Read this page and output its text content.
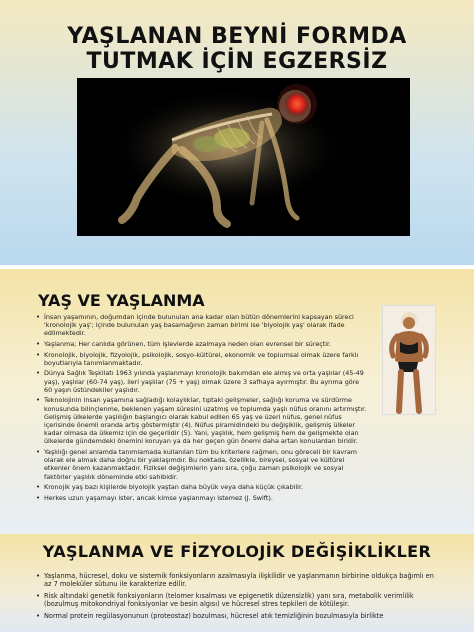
YAŞLANAN BEYNİ FORMDA
TUTMAK İÇİN EGZERSİZ
YAŞ VE YAŞLANMA
• İnsan yaşamının, doğumdan içinde bulunulan ana kadar olan bütün dönemlerini kapsayan süreci 'kronolojik yaş'; içinde bulunulan yaş basamağının zaman birimi ise 'biyolojik yaş' olarak ifade edilmektedir.
• Yaşlanma; Her canlıda görünen, tüm işlevlerde azalmaya neden olan evrensel bir süreçtir.
• Kronolojik, biyolojik, fizyolojik, psikolojik, sosyo-kültürel, ekonomik ve toplumsal olmak üzere farklı boyutlarıyla tanımlanmaktadır.
• Dünya Sağlık Teşkilatı 1963 yılında yaşlanmayı kronolojik bakımdan ele almış ve orta yaşlılar (45-49 yaş), yaşlılar (60-74 yaş), ileri yaşlılar (75 + yaş) olmak üzere 3 safhaya ayırmıştır. Bu ayrıma göre 60 yaşın üstündekiler yaşlıdır.
• Teknolojinin insan yaşamına sağladığı kolaylıklar, tıptaki gelişmeler, sağlığı koruma ve sürdürme konusunda bilinçlenme, beklenen yaşam süresini uzatmış ve toplumda yaşlı nüfus oranını artırmıştır. Gelişmiş ülkelerde yaşlılığın başlangıcı olarak kabul edilen 65 yaş ve üzeri nüfus, genel nüfus içerisinde önemli oranda artış göstermiştir (4). Nüfus piramidindeki bu değişiklik, gelişmiş ülkeler kadar olmasa da ülkemiz için de geçerlidir (5). Yani, yaşlılık, hem gelişmiş hem de gelişmekte olan ülkelerde gündemdeki önemini koruyan ya da her geçen gün önemi daha artan konulardan biridir.
• Yaşlılığı genel anlamda tanımlamada kullanılan tüm bu kriterlere rağmen, onu göreceli bir kavram olarak ele almak daha doğru bir yaklaşımdır. Bu noktada, özellikle, bireysel, sosyal ve kültürel etkenler önem kazanmaktadır. Fiziksel değişimlerin yanı sıra, çoğu zaman psikolojik ve sosyal faktörler yaşlılık döneminde etki sahibidir.
• Kronojik yaş bazı kişilerde biyolojik yaştan daha büyük veya daha küçük çıkabilir.
• Herkes uzun yaşamayı ister, ancak kimse yaşlanmayı istemez (J. Swift).
YAŞLANMA VE FİZYOLOJİK DEĞİŞİKLİKLER
• Yaşlanma, hücresel, doku ve sistemik fonksiyonların azalmasıyla ilişkilidir ve yaşlanmanın birbirine oldukça bağımlı en az 7 moleküler sütunu ile karakterize edilir.
• Risk altındaki genetik fonksiyonların (telomer kısalması ve epigenetik düzensizlik) yanı sıra, metabolik verimlilik (bozulmuş mitokondriyal fonksiyonlar ve besin algısı) ve hücresel stres tepkileri de kötüleşir.
• Normal protein regülasyonunun (proteostaz) bozulması, hücresel atık temizliğinin bozulmasıyla birlikte
